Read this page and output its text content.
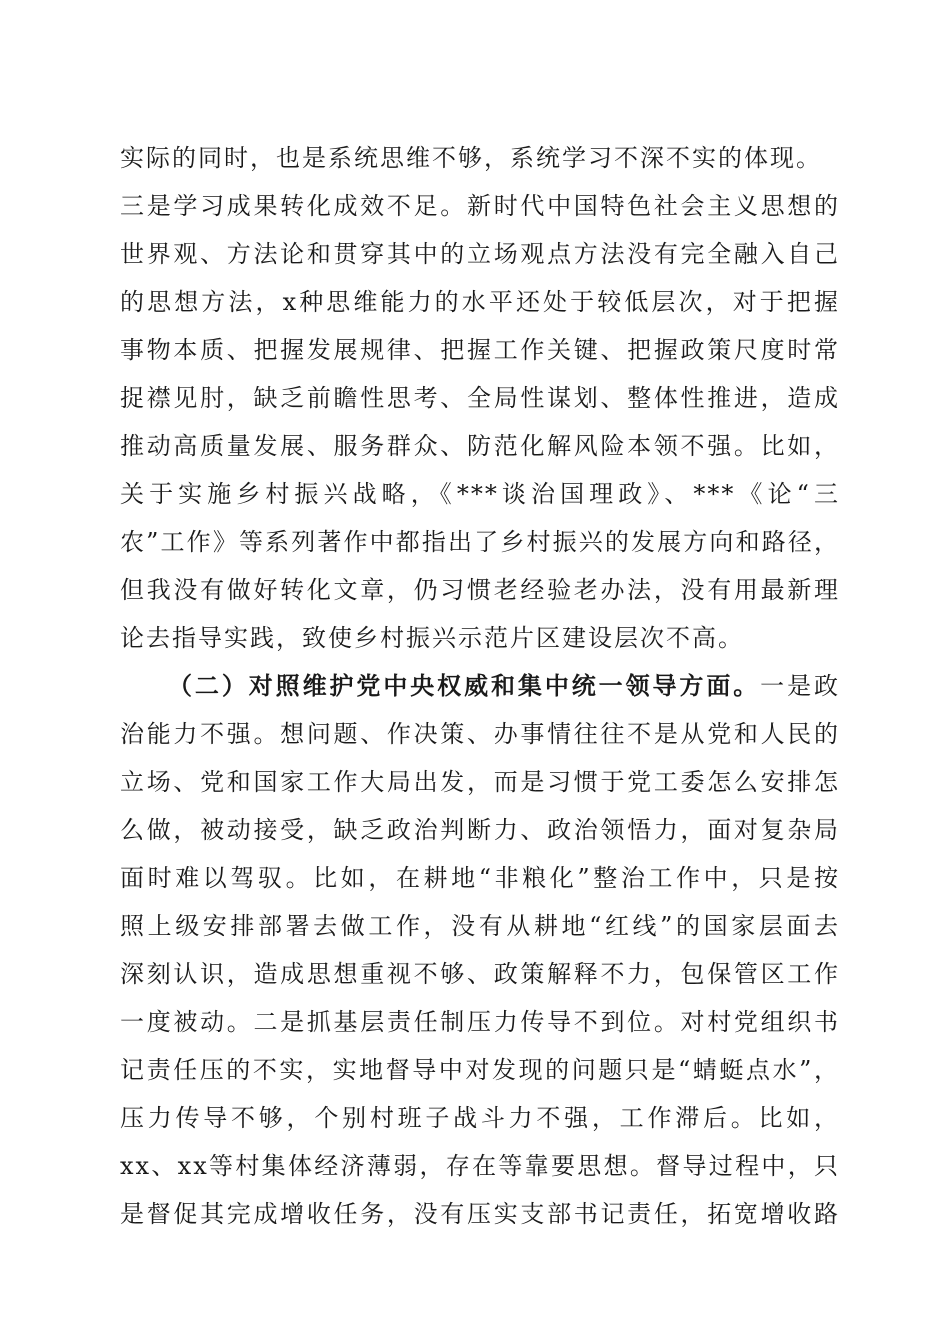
实际的同时，也是系统思维不够，系统学习不深不实的体现。
三是学习成果转化成效不足。新时代中国特色社会主义思想的
世界观、方法论和贯穿其中的立场观点方法没有完全融入自己
的思想方法，x种思维能力的水平还处于较低层次，对于把握
事物本质、把握发展规律、把握工作关键、把握政策尺度时常
捉襟见肘，缺乏前瞻性思考、全局性谋划、整体性推进，造成
推动高质量发展、服务群众、防范化解风险本领不强。比如，
关于实施乡村振兴战略，《***谈治国理政》、***《论“三
农”工作》等系列著作中都指出了乡村振兴的发展方向和路径，
但我没有做好转化文章，仍习惯老经验老办法，没有用最新理
论去指导实践，致使乡村振兴示范片区建设层次不高。
（二）对照维护党中央权威和集中统一领导方面。一是政
治能力不强。想问题、作决策、办事情往往不是从党和人民的
立场、党和国家工作大局出发，而是习惯于党工委怎么安排怎
么做，被动接受，缺乏政治判断力、政治领悟力，面对复杂局
面时难以驾驭。比如，在耕地“非粮化”整治工作中，只是按
照上级安排部署去做工作，没有从耕地“红线”的国家层面去
深刻认识，造成思想重视不够、政策解释不力，包保管区工作
一度被动。二是抓基层责任制压力传导不到位。对村党组织书
记责任压的不实，实地督导中对发现的问题只是“蜻蜓点水”，
压力传导不够，个别村班子战斗力不强，工作滞后。比如，
xx、xx等村集体经济薄弱，存在等靠要思想。督导过程中，只
是督促其完成增收任务，没有压实支部书记责任，拓宽增收路
